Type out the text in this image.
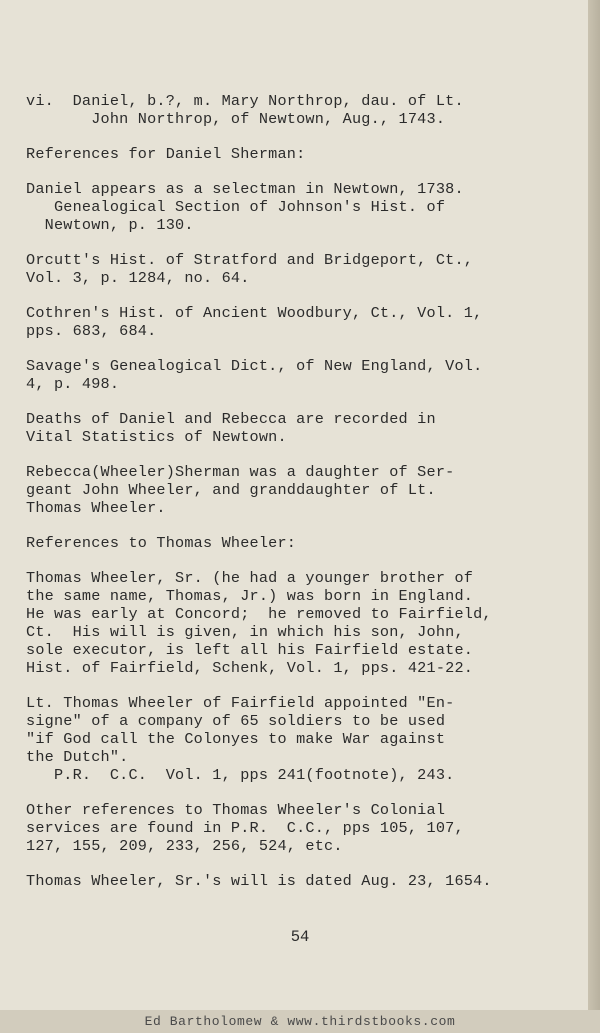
vi.  Daniel, b.?, m. Mary Northrop, dau. of Lt.
John Northrop, of Newtown, Aug., 1743.
References for Daniel Sherman:
Daniel appears as a selectman in Newtown, 1738.
Genealogical Section of Johnson's Hist. of
Newtown, p. 130.
Orcutt's Hist. of Stratford and Bridgeport, Ct.,
Vol. 3, p. 1284, no. 64.
Cothren's Hist. of Ancient Woodbury, Ct., Vol. 1,
pps. 683, 684.
Savage's Genealogical Dict., of New England, Vol.
4, p. 498.
Deaths of Daniel and Rebecca are recorded in
Vital Statistics of Newtown.
Rebecca(Wheeler)Sherman was a daughter of Ser-
geant John Wheeler, and granddaughter of Lt.
Thomas Wheeler.
References to Thomas Wheeler:
Thomas Wheeler, Sr. (he had a younger brother of
the same name, Thomas, Jr.) was born in England.
He was early at Concord;  he removed to Fairfield,
Ct.  His will is given, in which his son, John,
sole executor, is left all his Fairfield estate.
Hist. of Fairfield, Schenk, Vol. 1, pps. 421-22.
Lt. Thomas Wheeler of Fairfield appointed "En-
signe" of a company of 65 soldiers to be used
"if God call the Colonyes to make War against
the Dutch".
P.R.  C.C.  Vol. 1, pps 241(footnote), 243.
Other references to Thomas Wheeler's Colonial
services are found in P.R.  C.C., pps 105, 107,
127, 155, 209, 233, 256, 524, etc.
Thomas Wheeler, Sr.'s will is dated Aug. 23, 1654.
54
Ed Bartholomew & www.thirdstbooks.com
